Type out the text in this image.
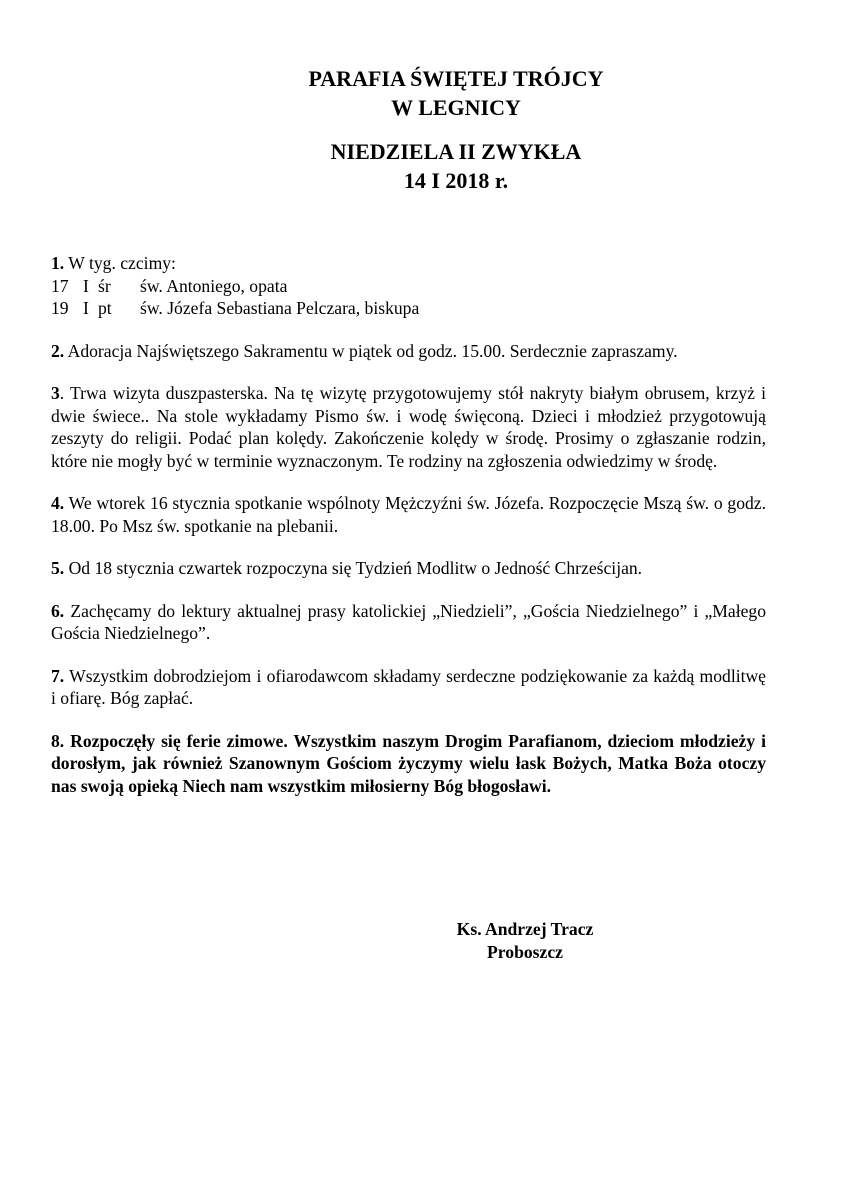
PARAFIA ŚWIĘTEJ TRÓJCY
W LEGNICY
NIEDZIELA II ZWYKŁA
14 I 2018 r.
1. W tyg. czcimy:
17 I śr św. Antoniego, opata
19 I pt św. Józefa Sebastiana Pelczara, biskupa
2. Adoracja Najświętszego Sakramentu w piątek od godz. 15.00. Serdecznie zapraszamy.
3. Trwa wizyta duszpasterska. Na tę wizytę przygotowujemy stół nakryty białym obrusem, krzyż i dwie świece.. Na stole wykładamy Pismo św. i wodę święconą. Dzieci i młodzież przygotowują zeszyty do religii. Podać plan kolędy. Zakończenie kolędy w środę. Prosimy o zgłaszanie rodzin, które nie mogły być w terminie wyznaczonym. Te rodziny na zgłoszenia odwiedzimy w środę.
4. We wtorek 16 stycznia spotkanie wspólnoty Mężczyźni św. Józefa. Rozpoczęcie Mszą św. o godz. 18.00. Po Msz św. spotkanie na plebanii.
5. Od 18 stycznia czwartek rozpoczyna się Tydzień Modlitw o Jedność Chrześcijan.
6. Zachęcamy do lektury aktualnej prasy katolickiej „Niedzieli”, „Gościa Niedzielnego” i „Małego Gościa Niedzielnego”.
7. Wszystkim dobrodziejom i ofiarodawcom składamy serdeczne podziękowanie za każdą modlitwę i ofiarę. Bóg zapłać.
8. Rozpoczęły się ferie zimowe. Wszystkim naszym Drogim Parafianom, dzieciom młodzieży i dorosłym, jak również Szanownym Gościom życzymy wielu łask Bożych, Matka Boża otoczy nas swoją opieką Niech nam wszystkim miłosierny Bóg błogosławi.
Ks. Andrzej Tracz
Proboszcz
